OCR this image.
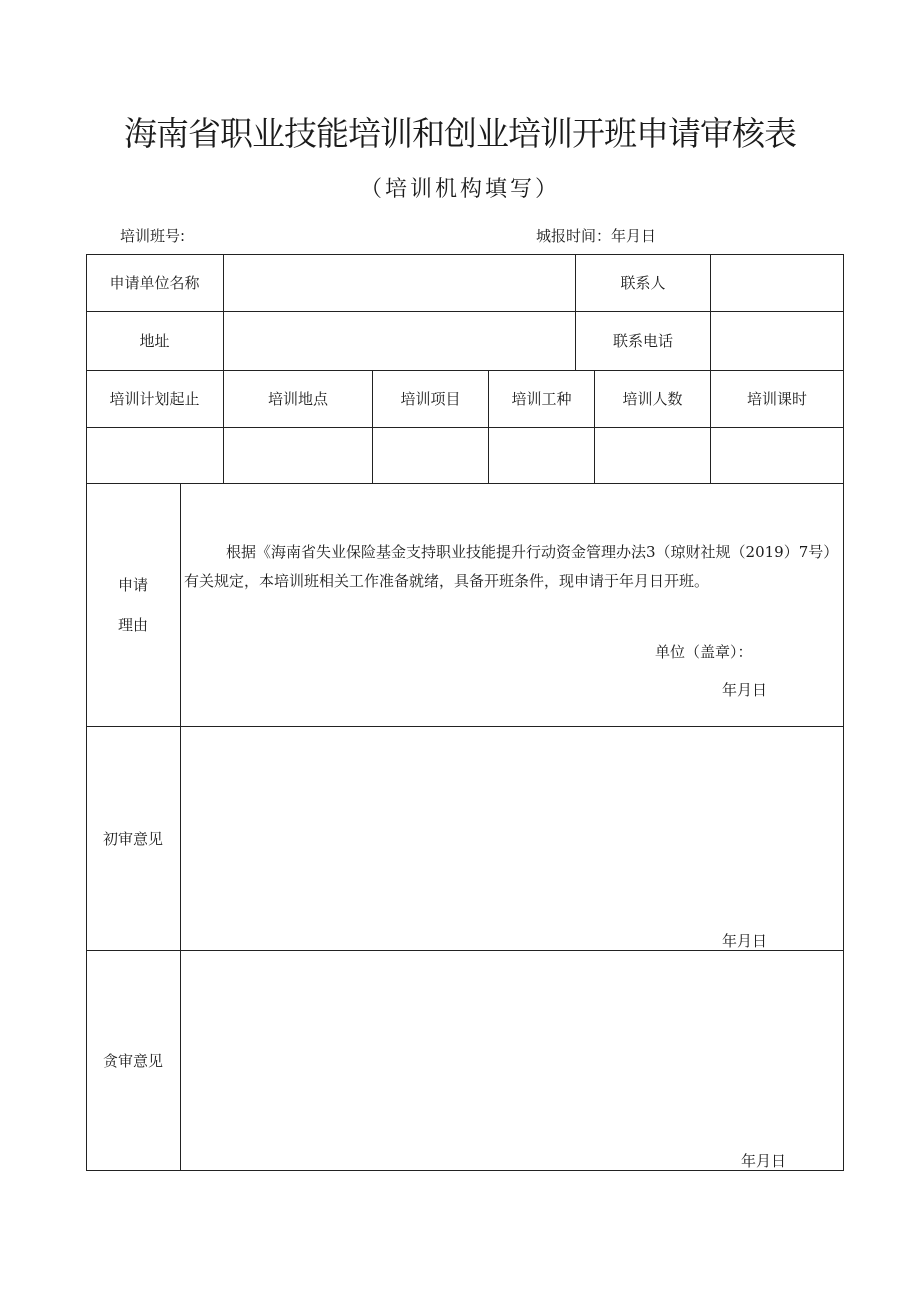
海南省职业技能培训和创业培训开班申请审核表
（培训机构填写）
培训班号:	城报时间：年月日
申请单位名称	联系人
地址	联系电话
培训计划起止	培训地点	培训项目	培训工种	培训人数	培训课时
申请
理由
根据《海南省失业保险基金支持职业技能提升行动资金管理办法3（琼财社规（2019）7号）有关规定，本培训班相关工作准备就绪，具备开班条件，现申请于年月日开班。
单位（盖章）：
年月日
初审意见
年月日
贪审意见
年月日
